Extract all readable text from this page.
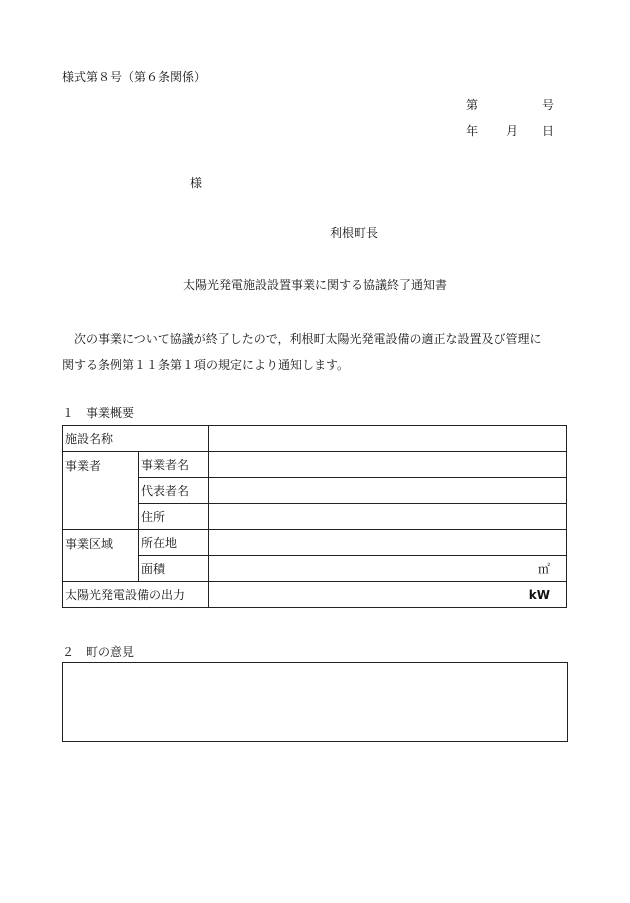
様式第８号（第６条関係）
第	号
年 月 日
様
利根町長
太陽光発電施設設置事業に関する協議終了通知書

　次の事業について協議が終了したので，利根町太陽光発電設備の適正な設置及び管理に

関する条例第１１条第１項の規定により通知します。

１　事業概要
施設名称		
事業者	事業者名	
	代表者名	
	住所	
事業区域	所在地	
	面積	㎡
太陽光発電設備の出力		kW
２　町の意見
